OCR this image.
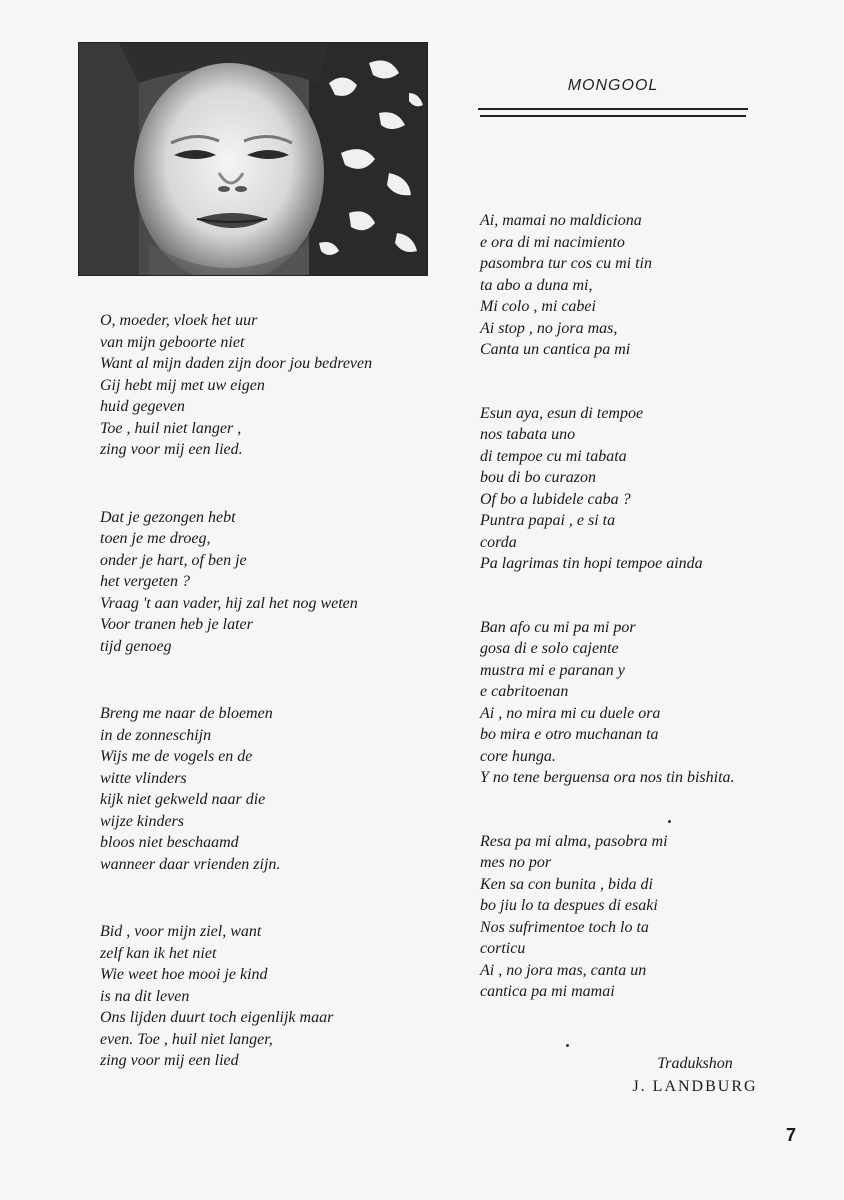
MONGOOL
O, moeder, vloek het uur
van mijn geboorte niet
Want al mijn daden zijn door jou bedreven
Gij hebt mij met uw eigen
huid gegeven
Toe , huil niet langer ,
zing voor mij een lied.
Dat je gezongen hebt
toen je me droeg,
onder je hart, of ben je
het vergeten ?
Vraag 't aan vader, hij zal het nog weten
Voor tranen heb je later
tijd genoeg
Breng me naar de bloemen
in de zonneschijn
Wijs me de vogels en de
witte vlinders
kijk niet gekweld naar die
wijze kinders
bloos niet beschaamd
wanneer daar vrienden zijn.
Bid , voor mijn ziel, want
zelf kan ik het niet
Wie weet hoe mooi je kind
is na dit leven
Ons lijden duurt toch eigenlijk maar
even. Toe , huil niet langer,
zing voor mij een lied
Ai, mamai no maldiciona
e ora di mi nacimiento
pasombra tur cos cu mi tin
ta abo a duna mi,
Mi colo , mi cabei
Ai stop , no jora mas,
Canta un cantica pa mi
Esun aya, esun di tempoe
nos tabata uno
di tempoe cu mi tabata
bou di bo curazon
Of bo a lubidele caba ?
Puntra papai , e si ta
corda
Pa lagrimas tin hopi tempoe ainda
Ban afo cu mi pa mi por
gosa di e solo cajente
mustra mi e paranan y
e cabritoenan
Ai , no mira mi cu duele ora
bo mira e otro muchanan ta
core hunga.
Y no tene berguensa ora nos tin bishita.
Resa pa mi alma, pasobra mi
mes no por
Ken sa con bunita , bida di
bo jiu lo ta despues di esaki
Nos sufrimentoe toch lo ta
corticu
Ai , no jora mas, canta un
cantica pa mi mamai
Tradukshon
J. LANDBURG
7
